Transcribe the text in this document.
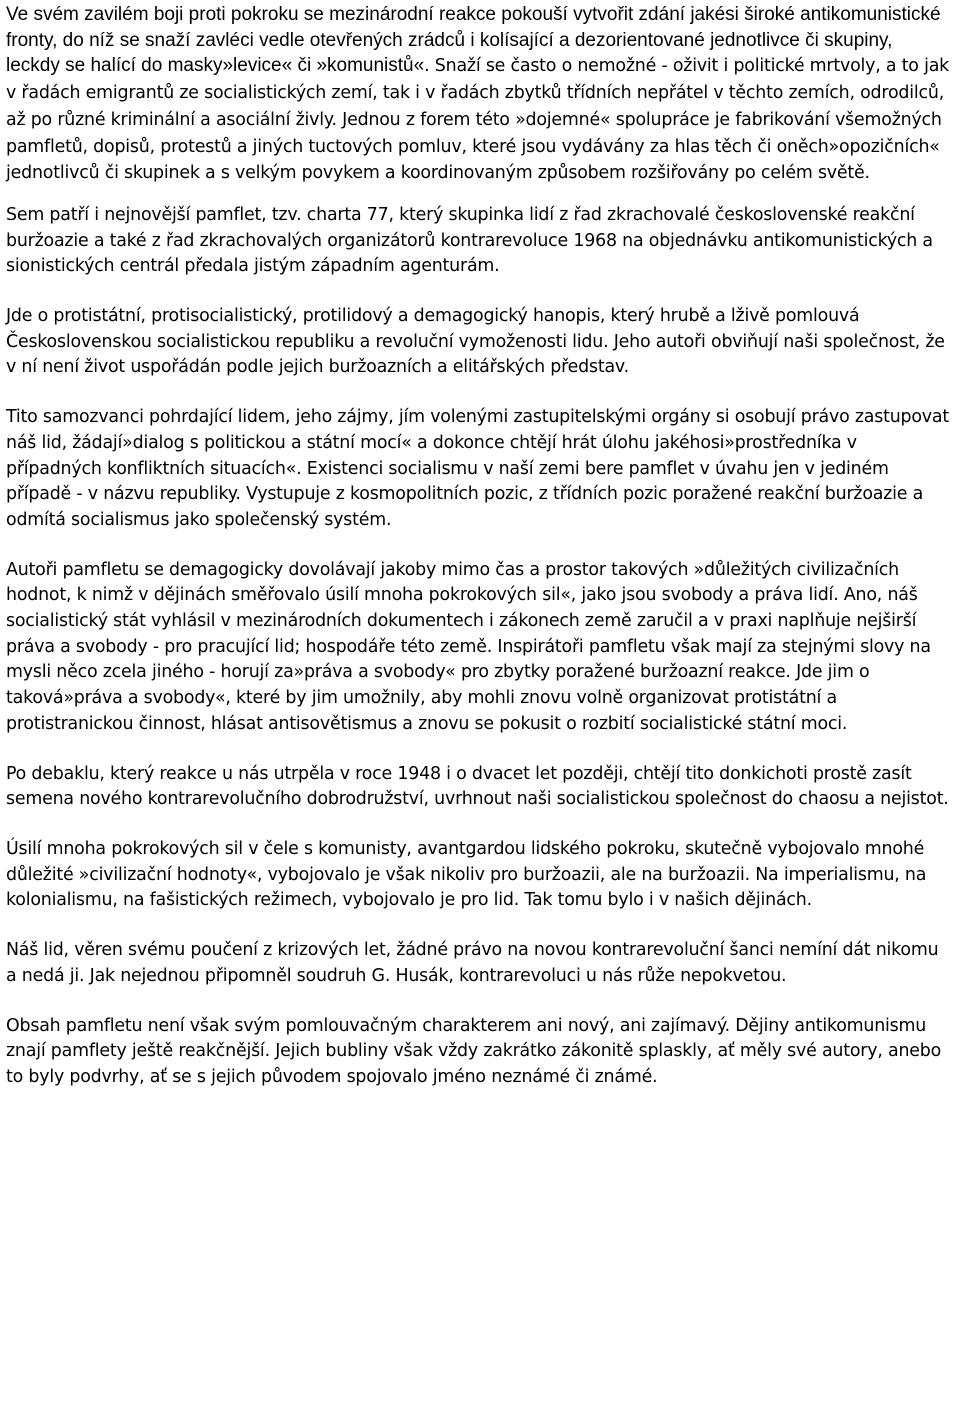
Ve svém zavilém boji proti pokroku se mezinárodní reakce pokouší vytvořit zdání jakési široké antikomunistické fronty, do níž se snaží zavléci vedle otevřených zrádců i kolísající a dezorientované jednotlivce či skupiny, leckdy se halící do masky»levice« či »komunistů«. Snaží se často o nemožné - oživit i politické mrtvoly, a to jak v řadách emigrantů ze socialistických zemí, tak i v řadách zbytků třídních nepřátel v těchto zemích, odrodilců, až po různé kriminální a asociální živly. Jednou z forem této »dojemné« spolupráce je fabrikování všemožných pamfletů, dopisů, protestů a jiných tuctových pomluv, které jsou vydávány za hlas těch či oněch»opozičních« jednotlivců či skupinek a s velkým povykem a koordinovaným způsobem rozšiřovány po celém světě.

Sem patří i nejnovější pamflet, tzv. charta 77, který skupinka lidí z řad zkrachovalé československé reakční buržoazie a také z řad zkrachovalých organizátorů kontrarevoluce 1968 na objednávku antikomunistických a sionistických centrál předala jistým západním agenturám.

Jde o protistátní, protisocialistický, protilidový a demagogický hanopis, který hrubě a lživě pomlouvá Československou socialistickou republiku a revoluční vymoženosti lidu. Jeho autoři obviňují naši společnost, že v ní není život uspořádán podle jejich buržoazních a elitářských představ.

Tito samozvanci pohrdající lidem, jeho zájmy, jím volenými zastupitelskými orgány si osobují právo zastupovat náš lid, žádají»dialog s politickou a státní mocí« a dokonce chtějí hrát úlohu jakéhosi»prostředníka v případných konfliktních situacích«. Existenci socialismu v naší zemi bere pamflet v úvahu jen v jediném případě - v názvu republiky. Vystupuje z kosmopolitních pozic, z třídních pozic poražené reakční buržoazie a odmítá socialismus jako společenský systém.

Autoři pamfletu se demagogicky dovolávají jakoby mimo čas a prostor takových »důležitých civilizačních hodnot, k nimž v dějinách směřovalo úsilí mnoha pokrokových sil«, jako jsou svobody a práva lidí. Ano, náš socialistický stát vyhlásil v mezinárodních dokumentech i zákonech země zaručil a v praxi naplňuje nejširší práva a svobody - pro pracující lid; hospodáře této země. Inspirátoři pamfletu však mají za stejnými slovy na mysli něco zcela jiného - horují za»práva a svobody« pro zbytky poražené buržoazní reakce. Jde jim o taková»práva a svobody«, které by jim umožnily, aby mohli znovu volně organizovat protistátní a protistranickou činnost, hlásat antisovětismus a znovu se pokusit o rozbití socialistické státní moci.

Po debaklu, který reakce u nás utrpěla v roce 1948 i o dvacet let později, chtějí tito donkichoti prostě zasít semena nového kontrarevolučního dobrodružství, uvrhnout naši socialistickou společnost do chaosu a nejistot.

Úsilí mnoha pokrokových sil v čele s komunisty, avantgardou lidského pokroku, skutečně vybojovalo mnohé důležité »civilizační hodnoty«, vybojovalo je však nikoliv pro buržoazii, ale na buržoazii. Na imperialismu, na kolonialismu, na fašistických režimech, vybojovalo je pro lid. Tak tomu bylo i v našich dějinách.

Náš lid, věren svému poučení z krizových let, žádné právo na novou kontrarevoluční šanci nemíní dát nikomu a nedá ji. Jak nejednou připomněl soudruh G. Husák, kontrarevoluci u nás růže nepokvetou.

Obsah pamfletu není však svým pomlouvačným charakterem ani nový, ani zajímavý. Dějiny antikomunismu znají pamflety ještě reakčnější. Jejich bubliny však vždy zakrátko zákonitě splaskly, ať měly své autory, anebo to byly podvrhy, ať se s jejich původem spojovalo jméno neznámé či známé.
